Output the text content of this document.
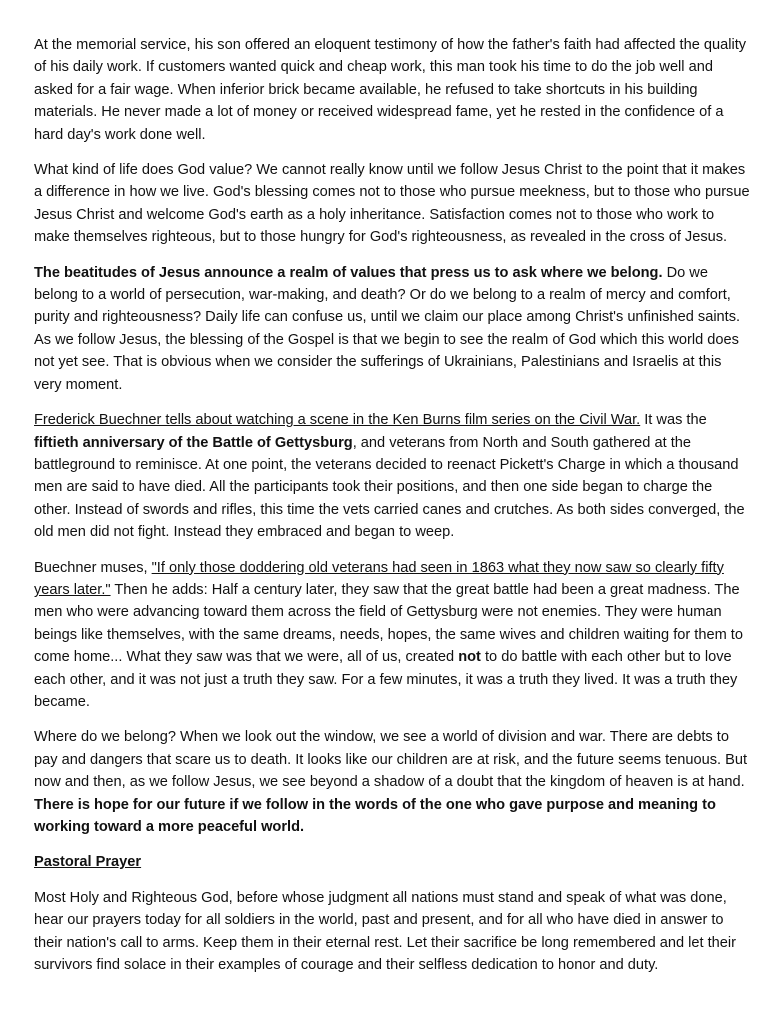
At the memorial service, his son offered an eloquent testimony of how the father's faith had affected the quality of his daily work. If customers wanted quick and cheap work, this man took his time to do the job well and asked for a fair wage. When inferior brick became available, he refused to take shortcuts in his building materials. He never made a lot of money or received widespread fame, yet he rested in the confidence of a hard day's work done well.

What kind of life does God value? We cannot really know until we follow Jesus Christ to the point that it makes a difference in how we live. God's blessing comes not to those who pursue meekness, but to those who pursue Jesus Christ and welcome God's earth as a holy inheritance. Satisfaction comes not to those who work to make themselves righteous, but to those hungry for God's righteousness, as revealed in the cross of Jesus.

The beatitudes of Jesus announce a realm of values that press us to ask where we belong. Do we belong to a world of persecution, war-making, and death? Or do we belong to a realm of mercy and comfort, purity and righteousness? Daily life can confuse us, until we claim our place among Christ's unfinished saints. As we follow Jesus, the blessing of the Gospel is that we begin to see the realm of God which this world does not yet see. That is obvious when we consider the sufferings of Ukrainians, Palestinians and Israelis at this very moment.

Frederick Buechner tells about watching a scene in the Ken Burns film series on the Civil War. It was the fiftieth anniversary of the Battle of Gettysburg, and veterans from North and South gathered at the battleground to reminisce. At one point, the veterans decided to reenact Pickett's Charge in which a thousand men are said to have died. All the participants took their positions, and then one side began to charge the other. Instead of swords and rifles, this time the vets carried canes and crutches. As both sides converged, the old men did not fight. Instead they embraced and began to weep.

Buechner muses, "If only those doddering old veterans had seen in 1863 what they now saw so clearly fifty years later." Then he adds: Half a century later, they saw that the great battle had been a great madness. The men who were advancing toward them across the field of Gettysburg were not enemies. They were human beings like themselves, with the same dreams, needs, hopes, the same wives and children waiting for them to come home... What they saw was that we were, all of us, created not to do battle with each other but to love each other, and it was not just a truth they saw. For a few minutes, it was a truth they lived. It was a truth they became.

Where do we belong? When we look out the window, we see a world of division and war. There are debts to pay and dangers that scare us to death. It looks like our children are at risk, and the future seems tenuous. But now and then, as we follow Jesus, we see beyond a shadow of a doubt that the kingdom of heaven is at hand. There is hope for our future if we follow in the words of the one who gave purpose and meaning to working toward a more peaceful world.

Pastoral Prayer

Most Holy and Righteous God, before whose judgment all nations must stand and speak of what was done, hear our prayers today for all soldiers in the world, past and present, and for all who have died in answer to their nation's call to arms. Keep them in their eternal rest. Let their sacrifice be long remembered and let their survivors find solace in their examples of courage and their selfless dedication to honor and duty.
